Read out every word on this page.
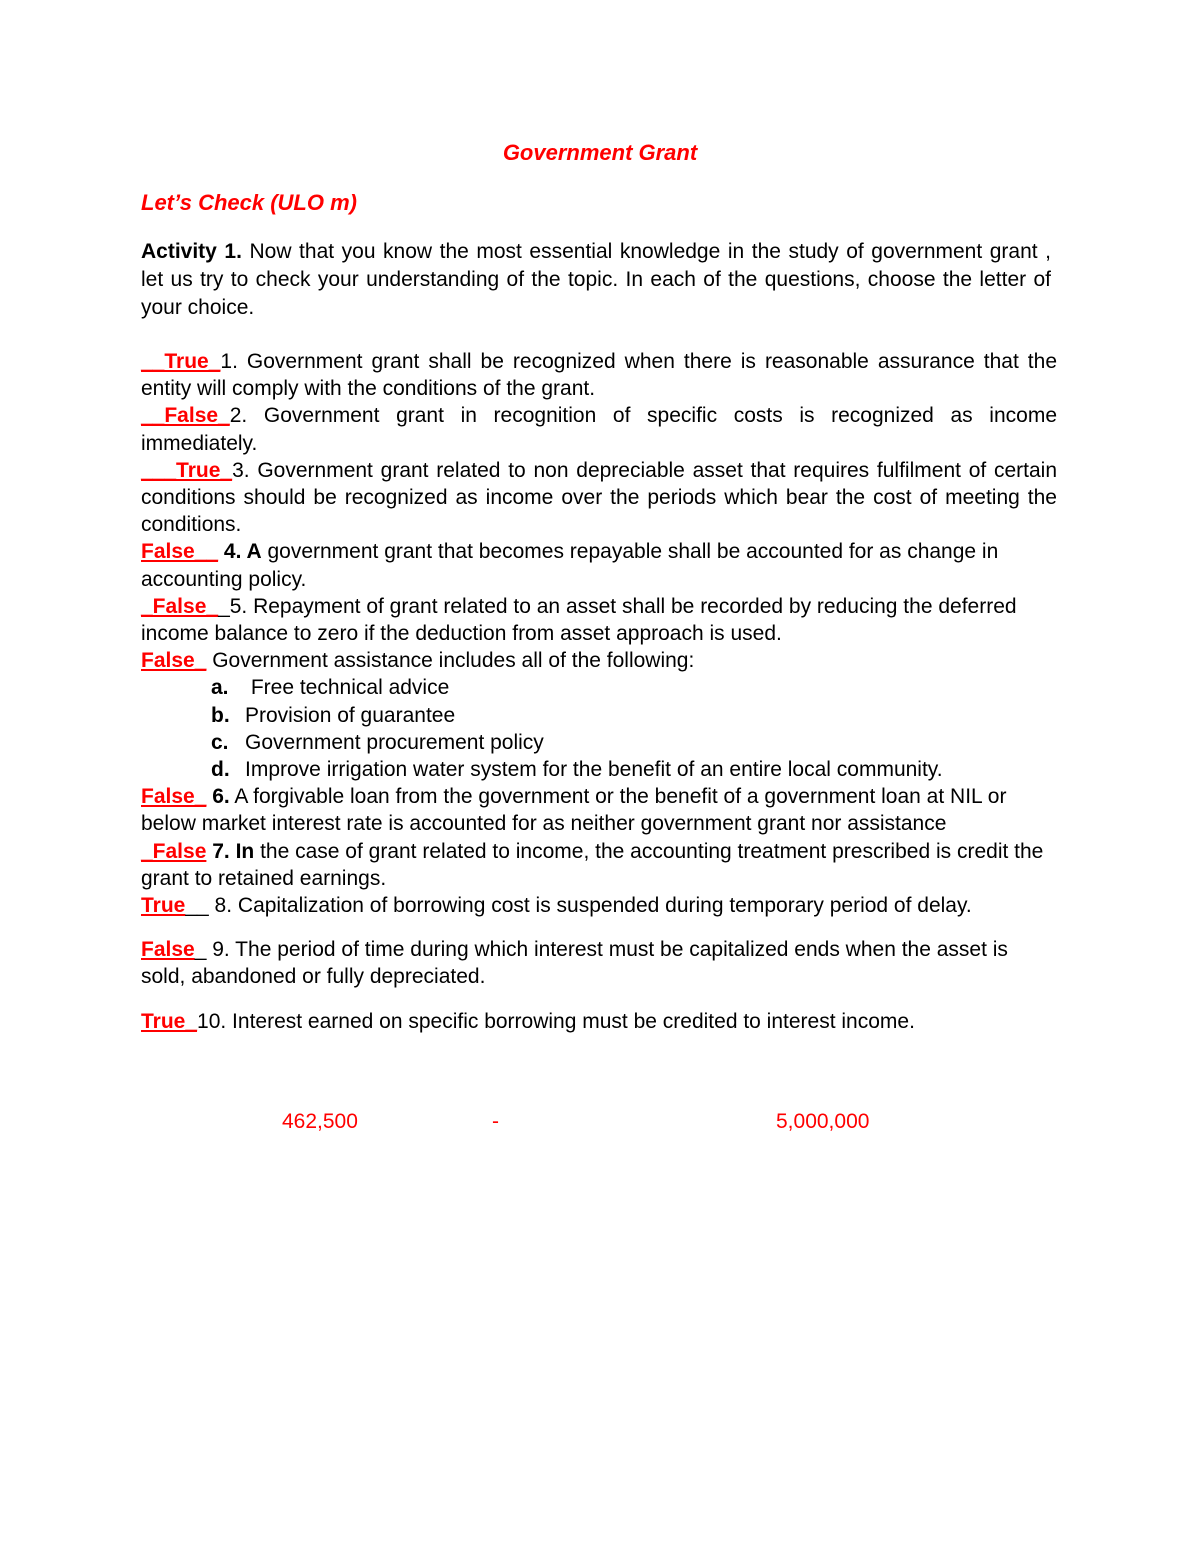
Government Grant
Let’s Check (ULO m)
Activity 1. Now that you know the most essential knowledge in the study of government grant , let us try to check your understanding of the topic. In each of the questions, choose the letter of your choice.

__True_1. Government grant shall be recognized when there is reasonable assurance that the entity will comply with the conditions of the grant.

__False_2. Government grant in recognition of specific costs is recognized as income immediately.

___True_3. Government grant related to non depreciable asset that requires fulfilment of certain conditions should be recognized as income over the periods which bear the cost of meeting the conditions.

False__ 4. A government grant that becomes repayable shall be accounted for as change in accounting policy.

_False__5. Repayment of grant related to an asset shall be recorded by reducing the deferred income balance to zero if the deduction from asset approach is used.

False_ Government assistance includes all of the following:

a. Free technical advice
b. Provision of guarantee
c. Government procurement policy
d. Improve irrigation water system for the benefit of an entire local community.

False_ 6. A forgivable loan from the government or the benefit of a government loan at NIL or below market interest rate is accounted for as neither government grant nor assistance

_False 7. In the case of grant related to income, the accounting treatment prescribed is credit the grant to retained earnings.

True__ 8. Capitalization of borrowing cost is suspended during temporary period of delay.

False_ 9. The period of time during which interest must be capitalized ends when the asset is sold, abandoned or fully depreciated.

True_10. Interest earned on specific borrowing must be credited to interest income.

462,500	-	5,000,000
